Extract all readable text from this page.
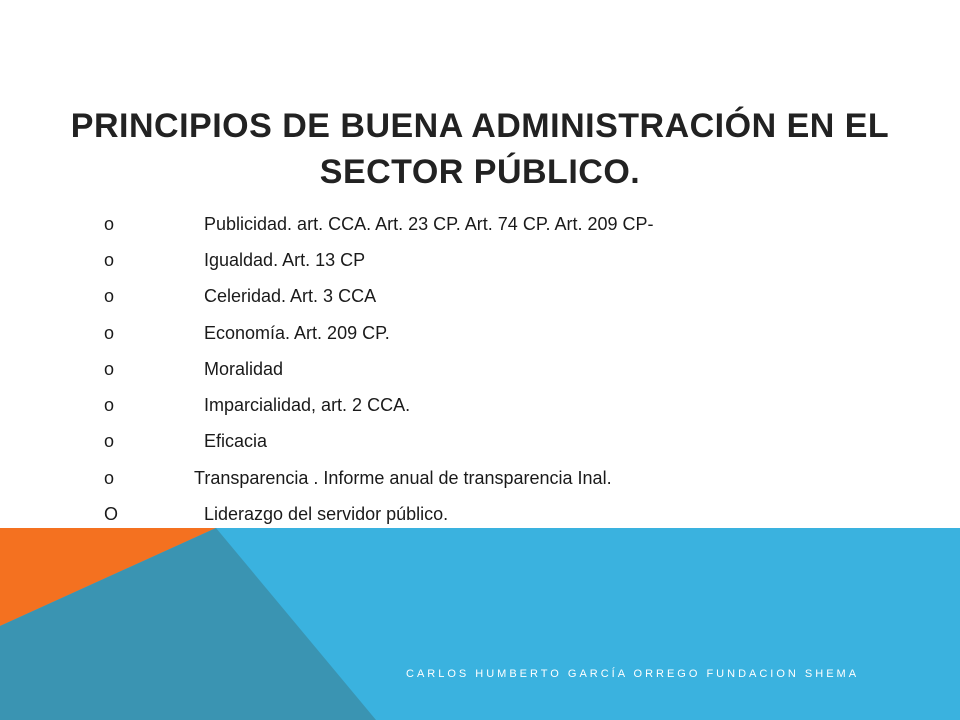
PRINCIPIOS DE BUENA ADMINISTRACIÓN EN EL SECTOR PÚBLICO.
o	Publicidad. art. CCA. Art. 23 CP. Art. 74 CP. Art. 209 CP-
o	Igualdad. Art. 13 CP
o	Celeridad. Art. 3 CCA
o	Economía. Art. 209 CP.
o	Moralidad
o	Imparcialidad, art. 2 CCA.
o	Eficacia
o	Transparencia . Informe anual de transparencia Inal.
O	Liderazgo del servidor público.
CARLOS HUMBERTO GARCÍA ORREGO FUNDACION SHEMA
